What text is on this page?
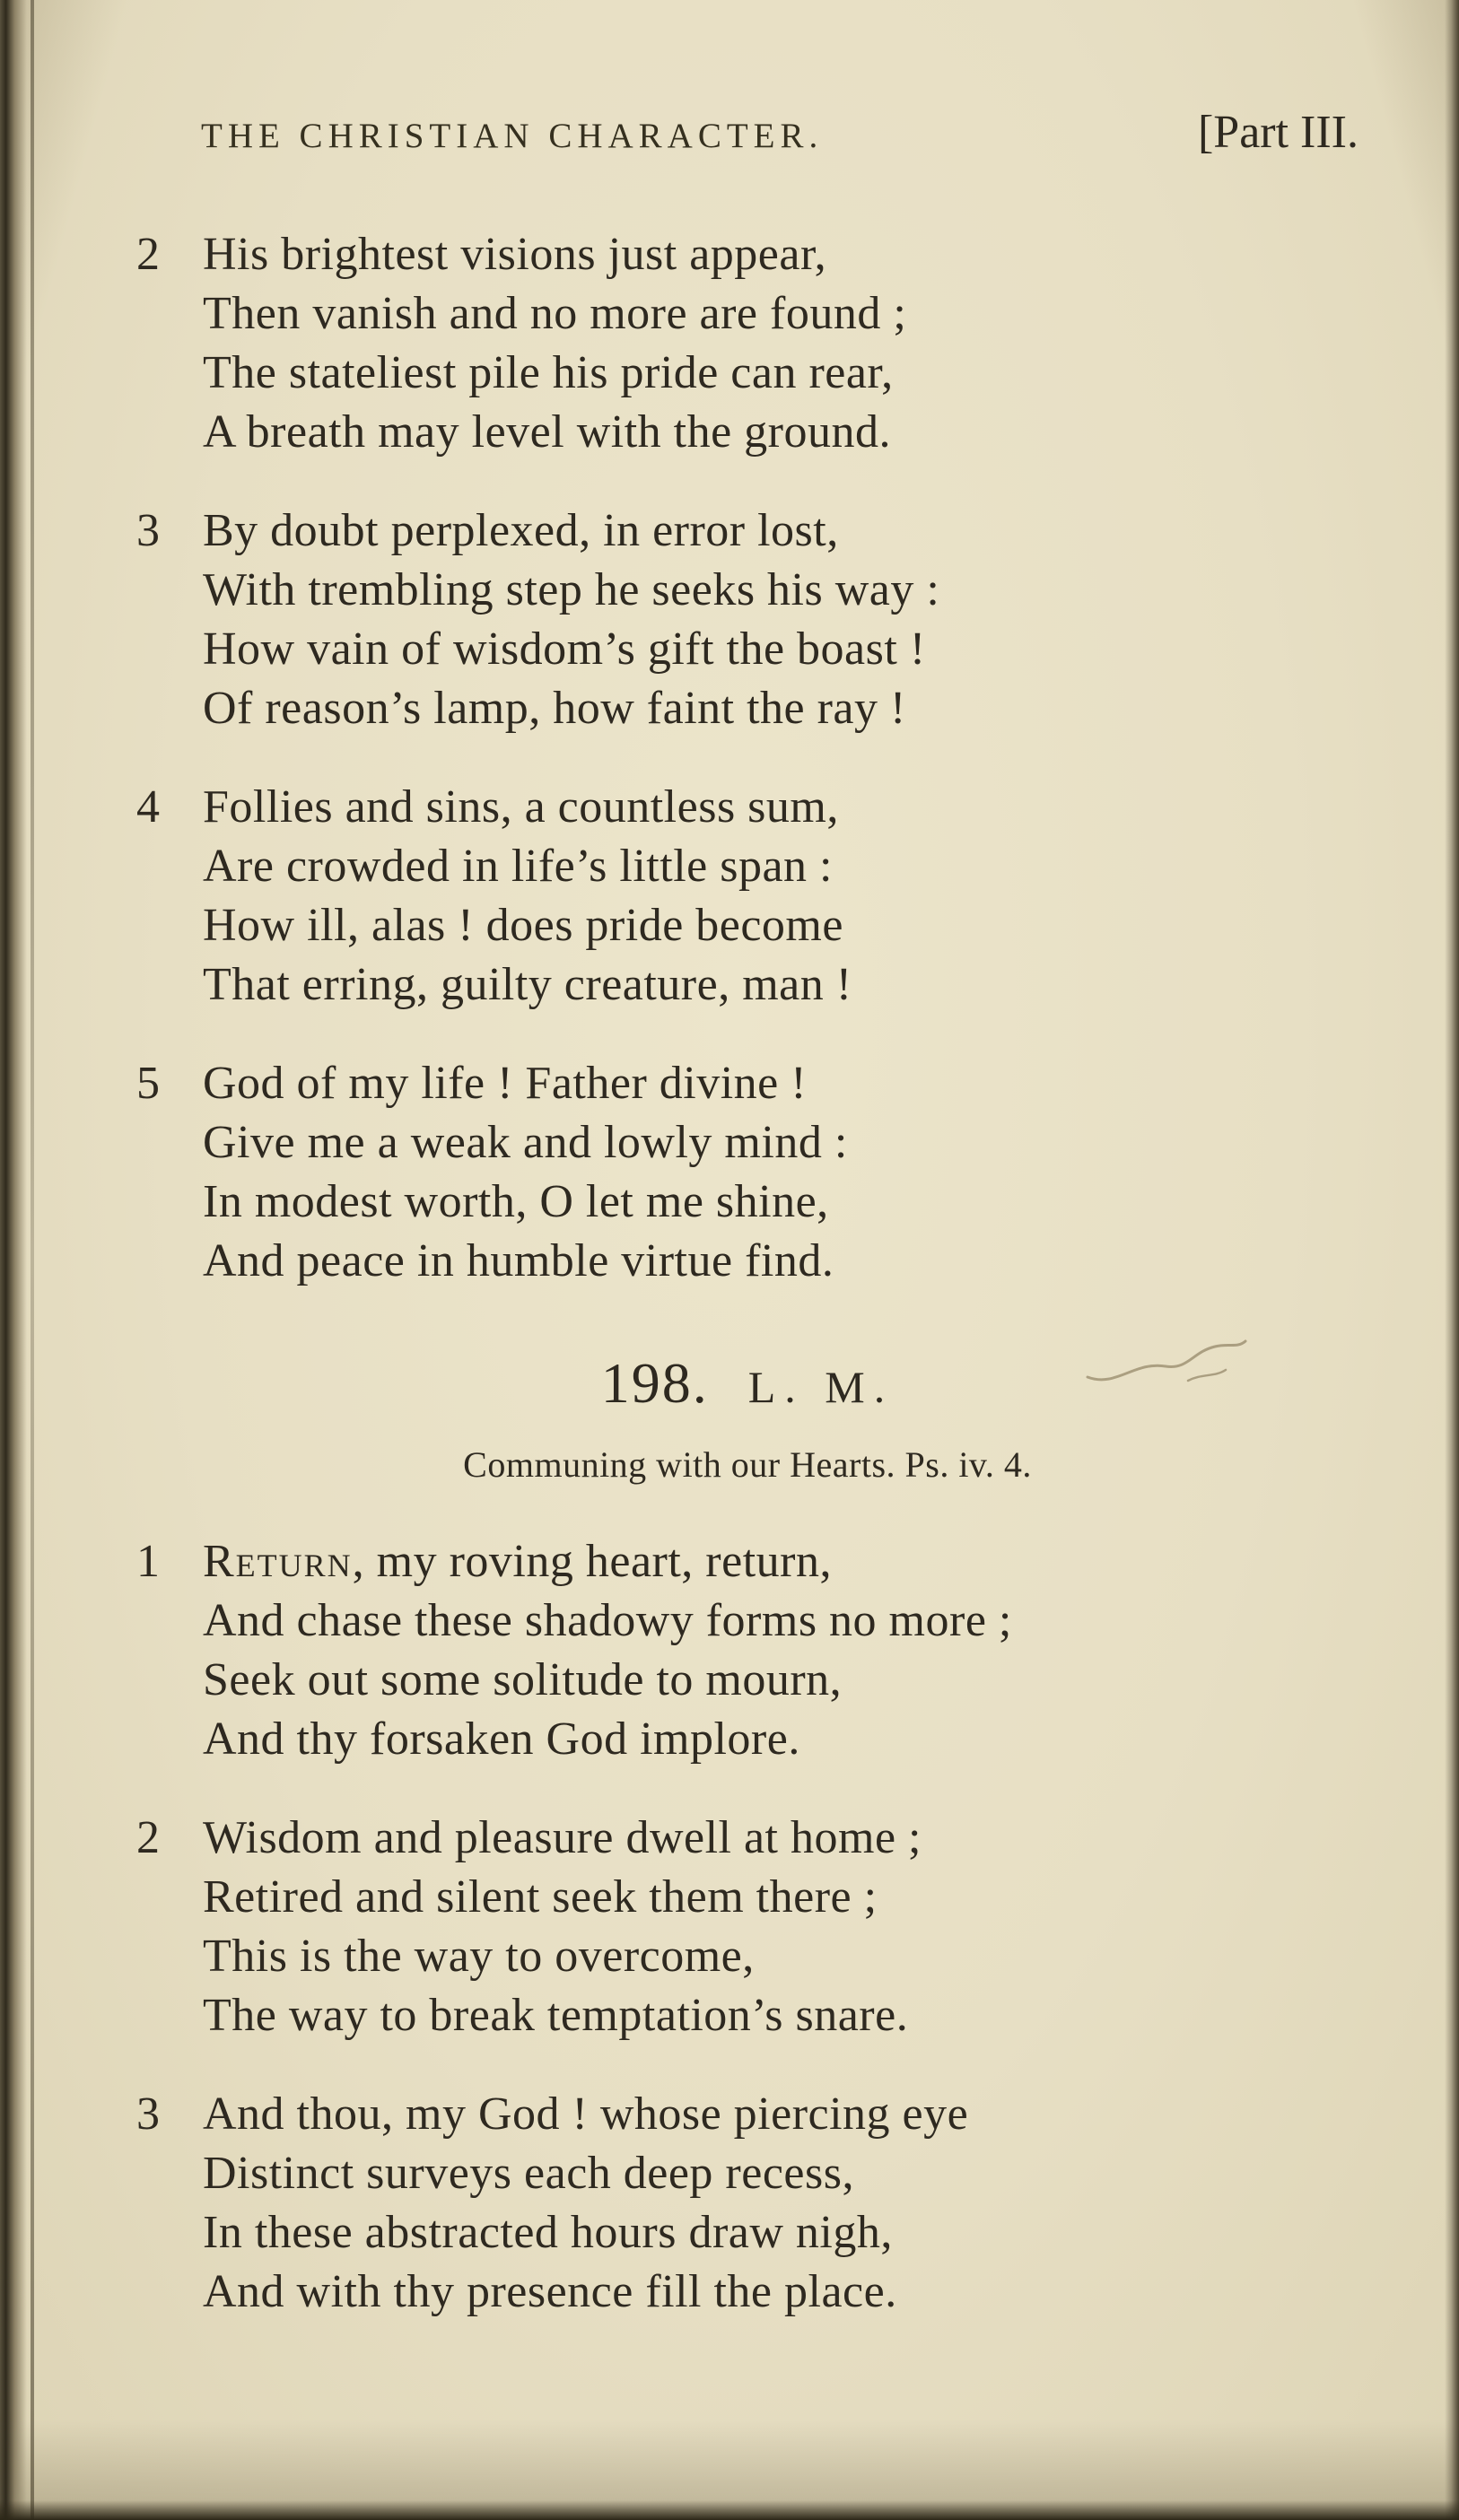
THE CHRISTIAN CHARACTER.	[Part III.
2 His brightest visions just appear,
Then vanish and no more are found ;
The stateliest pile his pride can rear,
A breath may level with the ground.
3 By doubt perplexed, in error lost,
With trembling step he seeks his way :
How vain of wisdom’s gift the boast !
Of reason’s lamp, how faint the ray !
4 Follies and sins, a countless sum,
Are crowded in life’s little span :
How ill, alas ! does pride become
That erring, guilty creature, man !
5 God of my life ! Father divine !
Give me a weak and lowly mind :
In modest worth, O let me shine,
And peace in humble virtue find.
198. L. M.
Communing with our Hearts. Ps. iv. 4.
1 Return, my roving heart, return,
And chase these shadowy forms no more ;
Seek out some solitude to mourn,
And thy forsaken God implore.
2 Wisdom and pleasure dwell at home ;
Retired and silent seek them there ;
This is the way to overcome,
The way to break temptation’s snare.
3 And thou, my God ! whose piercing eye
Distinct surveys each deep recess,
In these abstracted hours draw nigh,
And with thy presence fill the place.
